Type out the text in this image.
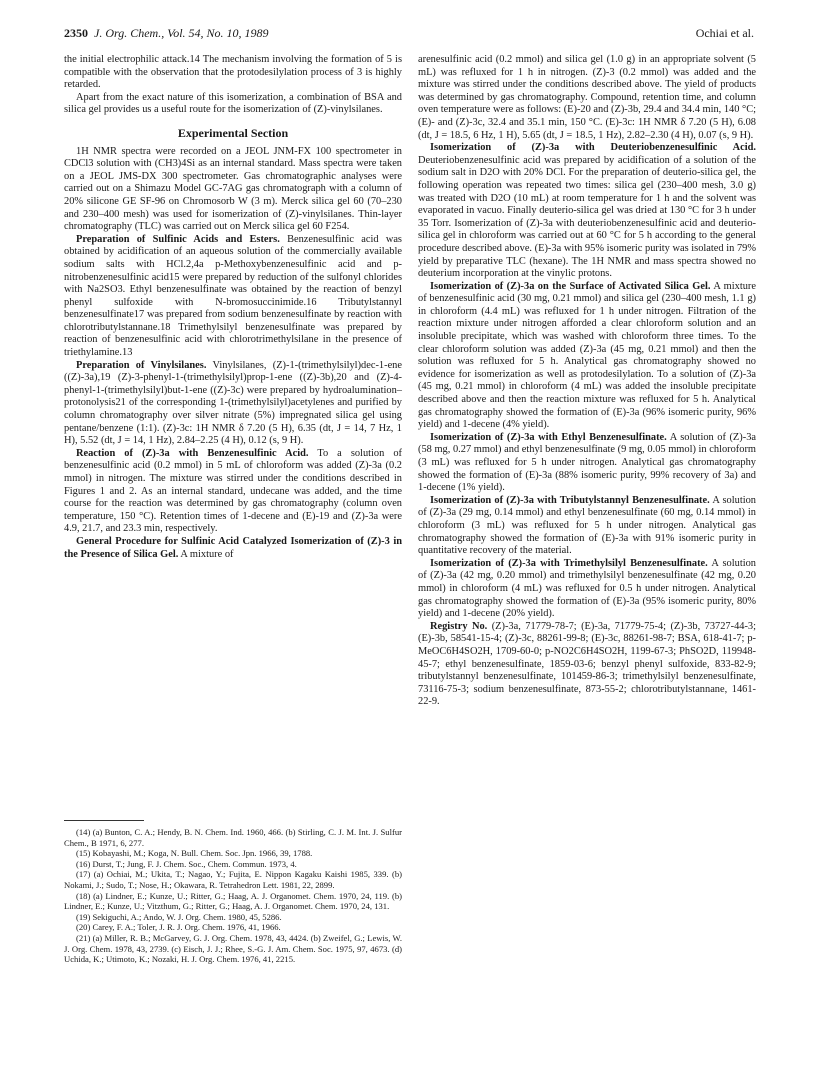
2350 J. Org. Chem., Vol. 54, No. 10, 1989	Ochiai et al.

the initial electrophilic attack.14 The mechanism involving the formation of 5 is compatible with the observation that the protodesilylation process of 3 is highly retarded.

Apart from the exact nature of this isomerization, a combination of BSA and silica gel provides us a useful route for the isomerization of (Z)-vinylsilanes.

Experimental Section

1H NMR spectra were recorded on a JEOL JNM-FX 100 spectrometer in CDCl3 solution with (CH3)4Si as an internal standard. Mass spectra were taken on a JEOL JMS-DX 300 spectrometer. Gas chromatographic analyses were carried out on a Shimazu Model GC-7AG gas chromatograph with a column of 20% silicone GE SF-96 on Chromosorb W (3 m). Merck silica gel 60 (70–230 and 230–400 mesh) was used for isomerization of (Z)-vinylsilanes. Thin-layer chromatography (TLC) was carried out on Merck silica gel 60 F254.

Preparation of Sulfinic Acids and Esters. Benzenesulfinic acid was obtained by acidification of an aqueous solution of the commercially available sodium salts with HCl.2,4a p-Methoxybenzenesulfinic acid and p-nitrobenzenesulfinic acid15 were prepared by reduction of the sulfonyl chlorides with Na2SO3. Ethyl benzenesulfinate was obtained by the reaction of benzyl phenyl sulfoxide with N-bromosuccinimide.16 Tributylstannyl benzenesulfinate17 was prepared from sodium benzenesulfinate by reaction with chlorotributylstannane.18 Trimethylsilyl benzenesulfinate was prepared by reaction of benzenesulfinic acid with chlorotrimethylsilane in the presence of triethylamine.13

Preparation of Vinylsilanes. Vinylsilanes, (Z)-1-(trimethylsilyl)dec-1-ene ((Z)-3a),19 (Z)-3-phenyl-1-(trimethylsilyl)prop-1-ene ((Z)-3b),20 and (Z)-4-phenyl-1-(trimethylsilyl)but-1-ene ((Z)-3c) were prepared by hydroalumination–protonolysis21 of the corresponding 1-(trimethylsilyl)acetylenes and purified by column chromatography over silver nitrate (5%) impregnated silica gel using pentane/benzene (1:1). (Z)-3c: 1H NMR δ 7.20 (5 H), 6.35 (dt, J = 14, 7 Hz, 1 H), 5.52 (dt, J = 14, 1 Hz), 2.84–2.25 (4 H), 0.12 (s, 9 H).

Reaction of (Z)-3a with Benzenesulfinic Acid. To a solution of benzenesulfinic acid (0.2 mmol) in 5 mL of chloroform was added (Z)-3a (0.2 mmol) in nitrogen. The mixture was stirred under the conditions described in Figures 1 and 2. As an internal standard, undecane was added, and the time course for the reaction was determined by gas chromatography (column oven temperature, 150 °C). Retention times of 1-decene and (E)-19 and (Z)-3a were 4.9, 21.7, and 23.3 min, respectively.

General Procedure for Sulfinic Acid Catalyzed Isomerization of (Z)-3 in the Presence of Silica Gel. A mixture of

(14) (a) Bunton, C. A.; Hendy, B. N. Chem. Ind. 1960, 466. (b) Stirling, C. J. M. Int. J. Sulfur Chem., B 1971, 6, 277.

(15) Kobayashi, M.; Koga, N. Bull. Chem. Soc. Jpn. 1966, 39, 1788.

(16) Durst, T.; Jung, F. J. Chem. Soc., Chem. Commun. 1973, 4.

(17) (a) Ochiai, M.; Ukita, T.; Nagao, Y.; Fujita, E. Nippon Kagaku Kaishi 1985, 339. (b) Nokami, J.; Sudo, T.; Nose, H.; Okawara, R. Tetrahedron Lett. 1981, 22, 2899.

(18) (a) Lindner, E.; Kunze, U.; Ritter, G.; Haag, A. J. Organomet. Chem. 1970, 24, 119. (b) Lindner, E.; Kunze, U.; Vitzthum, G.; Ritter, G.; Haag, A. J. Organomet. Chem. 1970, 24, 131.

(19) Sekiguchi, A.; Ando, W. J. Org. Chem. 1980, 45, 5286.

(20) Carey, F. A.; Toler, J. R. J. Org. Chem. 1976, 41, 1966.

(21) (a) Miller, R. B.; McGarvey, G. J. Org. Chem. 1978, 43, 4424. (b) Zweifel, G.; Lewis, W. J. Org. Chem. 1978, 43, 2739. (c) Eisch, J. J.; Rhee, S.-G. J. Am. Chem. Soc. 1975, 97, 4673. (d) Uchida, K.; Utimoto, K.; Nozaki, H. J. Org. Chem. 1976, 41, 2215.

arenesulfinic acid (0.2 mmol) and silica gel (1.0 g) in an appropriate solvent (5 mL) was refluxed for 1 h in nitrogen. (Z)-3 (0.2 mmol) was added and the mixture was stirred under the conditions described above. The yield of products was determined by gas chromatography. Compound, retention time, and column oven temperature were as follows: (E)-20 and (Z)-3b, 29.4 and 34.4 min, 140 °C; (E)- and (Z)-3c, 32.4 and 35.1 min, 150 °C. (E)-3c: 1H NMR δ 7.20 (5 H), 6.08 (dt, J = 18.5, 6 Hz, 1 H), 5.65 (dt, J = 18.5, 1 Hz), 2.82–2.30 (4 H), 0.07 (s, 9 H).

Isomerization of (Z)-3a with Deuteriobenzenesulfinic Acid. Deuteriobenzenesulfinic acid was prepared by acidification of a solution of the sodium salt in D2O with 20% DCl. For the preparation of deuterio-silica gel, the following operation was repeated two times: silica gel (230–400 mesh, 3.0 g) was treated with D2O (10 mL) at room temperature for 1 h and the solvent was evaporated in vacuo. Finally deuterio-silica gel was dried at 130 °C for 3 h under 35 Torr. Isomerization of (Z)-3a with deuteriobenzenesulfinic acid and deuterio-silica gel in chloroform was carried out at 60 °C for 5 h according to the general procedure described above. (E)-3a with 95% isomeric purity was isolated in 79% yield by preparative TLC (hexane). The 1H NMR and mass spectra showed no deuterium incorporation at the vinylic protons.

Isomerization of (Z)-3a on the Surface of Activated Silica Gel. A mixture of benzenesulfinic acid (30 mg, 0.21 mmol) and silica gel (230–400 mesh, 1.1 g) in chloroform (4.4 mL) was refluxed for 1 h under nitrogen. Filtration of the reaction mixture under nitrogen afforded a clear chloroform solution and an insoluble precipitate, which was washed with chloroform three times. To the clear chloroform solution was added (Z)-3a (45 mg, 0.21 mmol) and then the solution was refluxed for 5 h. Analytical gas chromatography showed no evidence for isomerization as well as protodesilylation. To a solution of (Z)-3a (45 mg, 0.21 mmol) in chloroform (4 mL) was added the insoluble precipitate described above and then the reaction mixture was refluxed for 5 h. Analytical gas chromatography showed the formation of (E)-3a (96% isomeric purity, 96% yield) and 1-decene (4% yield).

Isomerization of (Z)-3a with Ethyl Benzenesulfinate. A solution of (Z)-3a (58 mg, 0.27 mmol) and ethyl benzenesulfinate (9 mg, 0.05 mmol) in chloroform (3 mL) was refluxed for 5 h under nitrogen. Analytical gas chromatography showed the formation of (E)-3a (88% isomeric purity, 99% recovery of 3a) and 1-decene (1% yield).

Isomerization of (Z)-3a with Tributylstannyl Benzenesulfinate. A solution of (Z)-3a (29 mg, 0.14 mmol) and ethyl benzenesulfinate (60 mg, 0.14 mmol) in chloroform (3 mL) was refluxed for 5 h under nitrogen. Analytical gas chromatography showed the formation of (E)-3a with 91% isomeric purity in quantitative recovery of the material.

Isomerization of (Z)-3a with Trimethylsilyl Benzenesulfinate. A solution of (Z)-3a (42 mg, 0.20 mmol) and trimethylsilyl benzenesulfinate (42 mg, 0.20 mmol) in chloroform (4 mL) was refluxed for 0.5 h under nitrogen. Analytical gas chromatography showed the formation of (E)-3a (95% isomeric purity, 80% yield) and 1-decene (20% yield).

Registry No. (Z)-3a, 71779-78-7; (E)-3a, 71779-75-4; (Z)-3b, 73727-44-3; (E)-3b, 58541-15-4; (Z)-3c, 88261-99-8; (E)-3c, 88261-98-7; BSA, 618-41-7; p-MeOC6H4SO2H, 1709-60-0; p-NO2C6H4SO2H, 1199-67-3; PhSO2D, 119948-45-7; ethyl benzenesulfinate, 1859-03-6; benzyl phenyl sulfoxide, 833-82-9; tributylstannyl benzenesulfinate, 101459-86-3; trimethylsilyl benzenesulfinate, 73116-75-3; sodium benzenesulfinate, 873-55-2; chlorotributylstannane, 1461-22-9.
